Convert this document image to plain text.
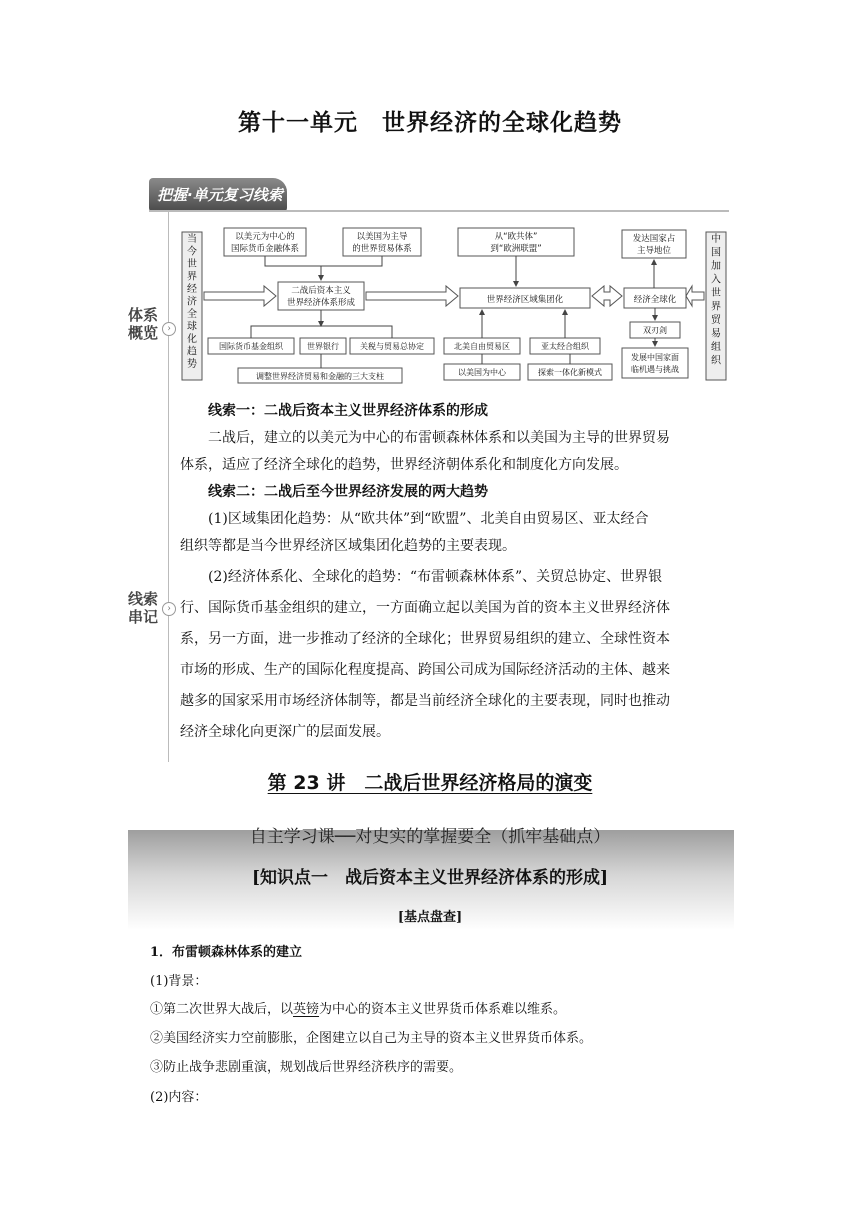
第十一单元　世界经济的全球化趋势
把握·单元复习线索
体系
概览	›
线索
串记	›
当今世界经济全球化趋势
中国加入世界贸易组织
以美元为中心的
国际货币金融体系
以美国为主导
的世界贸易体系
二战后资本主义
世界经济体系形成
国际货币基金组织	世界银行	关税与贸易总协定
调整世界经济贸易和金融的三大支柱
从“欧共体”
到“欧洲联盟”
世界经济区域集团化
北美自由贸易区	亚太经合组织
以美国为中心	探索一体化新模式
发达国家占
主导地位
经济全球化
双刃剑
发展中国家面
临机遇与挑战
线索一：二战后资本主义世界经济体系的形成
二战后，建立的以美元为中心的布雷顿森林体系和以美国为主导的世界贸易
体系，适应了经济全球化的趋势，世界经济朝体系化和制度化方向发展。
线索二：二战后至今世界经济发展的两大趋势
(1)区域集团化趋势：从“欧共体”到“欧盟”、北美自由贸易区、亚太经合
组织等都是当今世界经济区域集团化趋势的主要表现。
(2)经济体系化、全球化的趋势：“布雷顿森林体系”、关贸总协定、世界银
行、国际货币基金组织的建立，一方面确立起以美国为首的资本主义世界经济体
系，另一方面，进一步推动了经济的全球化；世界贸易组织的建立、全球性资本
市场的形成、生产的国际化程度提高、跨国公司成为国际经济活动的主体、越来
越多的国家采用市场经济体制等，都是当前经济全球化的主要表现，同时也推动
经济全球化向更深广的层面发展。
第 23 讲　二战后世界经济格局的演变
自主学习课──对史实的掌握要全（抓牢基础点）
[知识点一　战后资本主义世界经济体系的形成]
[基点盘查]
1．布雷顿森林体系的建立
(1)背景：
①第二次世界大战后，以英镑为中心的资本主义世界货币体系难以维系。
②美国经济实力空前膨胀，企图建立以自己为主导的资本主义世界货币体系。
③防止战争悲剧重演，规划战后世界经济秩序的需要。
(2)内容：
